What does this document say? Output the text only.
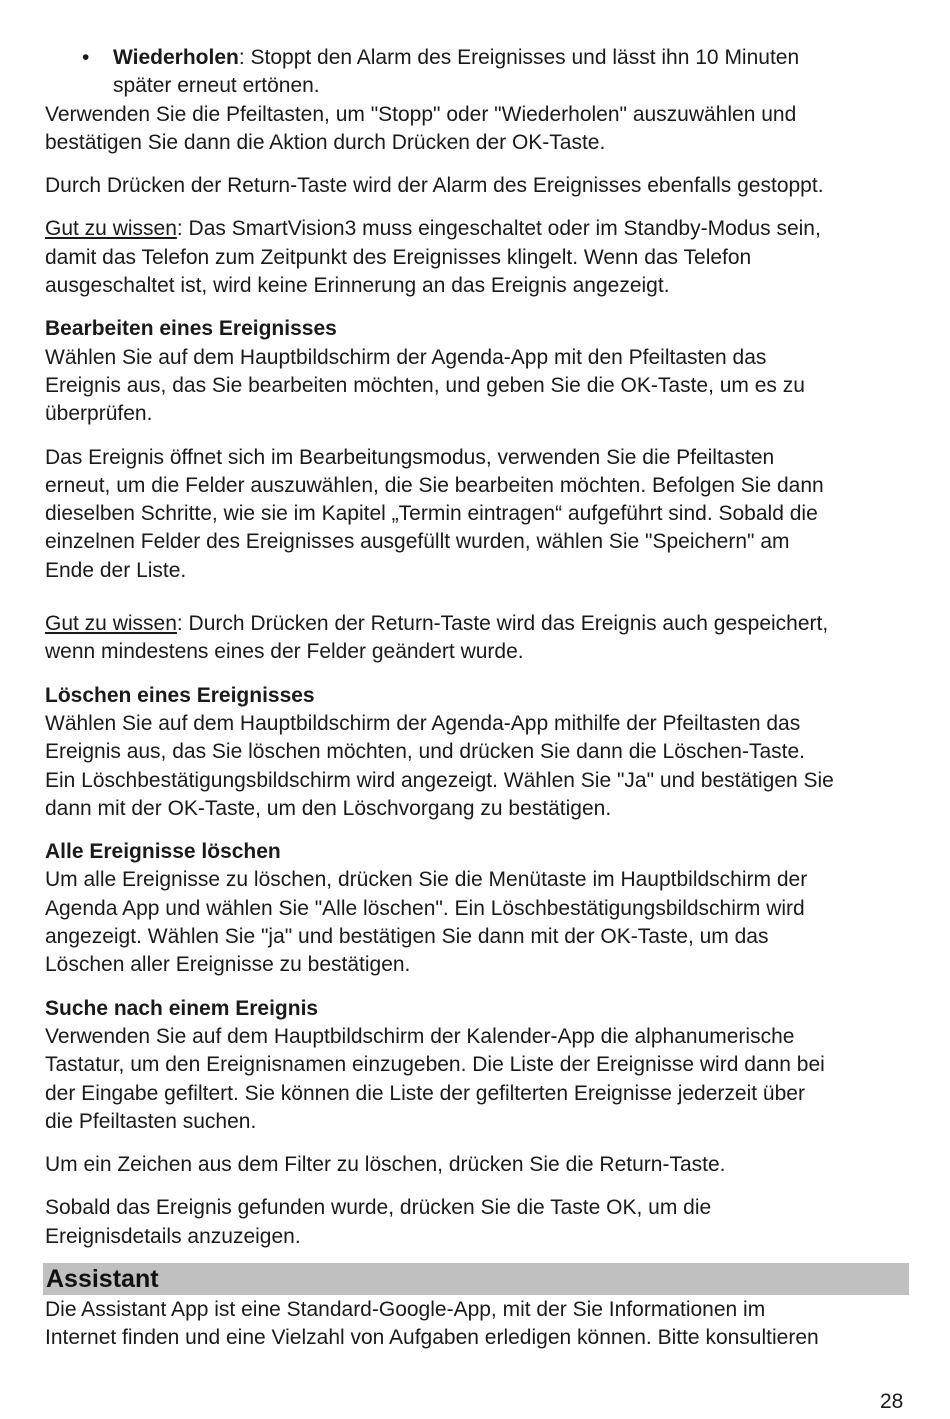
• Wiederholen: Stoppt den Alarm des Ereignisses und lässt ihn 10 Minuten
später erneut ertönen.
Verwenden Sie die Pfeiltasten, um "Stopp" oder "Wiederholen" auszuwählen und
bestätigen Sie dann die Aktion durch Drücken der OK-Taste.
Durch Drücken der Return-Taste wird der Alarm des Ereignisses ebenfalls gestoppt.
Gut zu wissen: Das SmartVision3 muss eingeschaltet oder im Standby-Modus sein,
damit das Telefon zum Zeitpunkt des Ereignisses klingelt. Wenn das Telefon
ausgeschaltet ist, wird keine Erinnerung an das Ereignis angezeigt.
Bearbeiten eines Ereignisses
Wählen Sie auf dem Hauptbildschirm der Agenda-App mit den Pfeiltasten das
Ereignis aus, das Sie bearbeiten möchten, und geben Sie die OK-Taste, um es zu
überprüfen.
Das Ereignis öffnet sich im Bearbeitungsmodus, verwenden Sie die Pfeiltasten
erneut, um die Felder auszuwählen, die Sie bearbeiten möchten. Befolgen Sie dann
dieselben Schritte, wie sie im Kapitel „Termin eintragen“ aufgeführt sind. Sobald die
einzelnen Felder des Ereignisses ausgefüllt wurden, wählen Sie "Speichern" am
Ende der Liste.
Gut zu wissen: Durch Drücken der Return-Taste wird das Ereignis auch gespeichert,
wenn mindestens eines der Felder geändert wurde.
Löschen eines Ereignisses
Wählen Sie auf dem Hauptbildschirm der Agenda-App mithilfe der Pfeiltasten das
Ereignis aus, das Sie löschen möchten, und drücken Sie dann die Löschen-Taste.
Ein Löschbestätigungsbildschirm wird angezeigt. Wählen Sie "Ja" und bestätigen Sie
dann mit der OK-Taste, um den Löschvorgang zu bestätigen.
Alle Ereignisse löschen
Um alle Ereignisse zu löschen, drücken Sie die Menütaste im Hauptbildschirm der
Agenda App und wählen Sie "Alle löschen". Ein Löschbestätigungsbildschirm wird
angezeigt. Wählen Sie "ja" und bestätigen Sie dann mit der OK-Taste, um das
Löschen aller Ereignisse zu bestätigen.
Suche nach einem Ereignis
Verwenden Sie auf dem Hauptbildschirm der Kalender-App die alphanumerische
Tastatur, um den Ereignisnamen einzugeben. Die Liste der Ereignisse wird dann bei
der Eingabe gefiltert. Sie können die Liste der gefilterten Ereignisse jederzeit über
die Pfeiltasten suchen.
Um ein Zeichen aus dem Filter zu löschen, drücken Sie die Return-Taste.
Sobald das Ereignis gefunden wurde, drücken Sie die Taste OK, um die
Ereignisdetails anzuzeigen.
Assistant
Die Assistant App ist eine Standard-Google-App, mit der Sie Informationen im
Internet finden und eine Vielzahl von Aufgaben erledigen können. Bitte konsultieren
28
